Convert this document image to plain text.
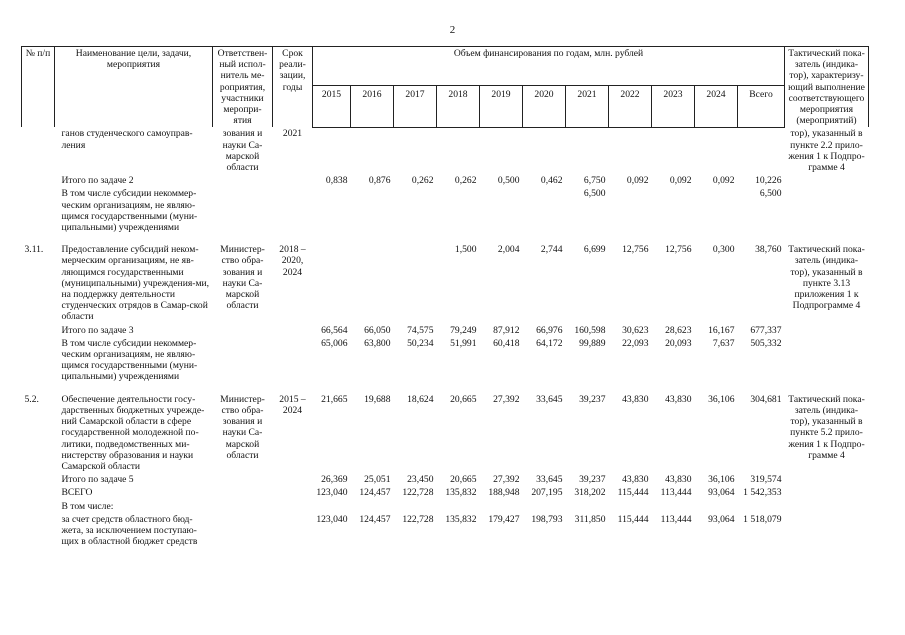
2
№ п/п	Наименование цели, задачи, мероприятия	Ответствен-ный испол-нитель ме-роприятия, участники меропри-ятия	Срок реали-зации, годы	Объем финансирования по годам, млн. рублей											Тактический пока-затель (индика-тор), характеризу-ющий выполнение соответствующего мероприятия (мероприятий)
				2015	2016	2017	2018	2019	2020	2021	2022	2023	2024	Всего	
	ганов студенческого самоуправ-ления	зования и науки Са-марской области	2021												тор), указанный в пункте 2.2 прило-жения 1 к Подпро-грамме 4
	Итого по задаче 2			0,838	0,876	0,262	0,262	0,500	0,462	6,750	0,092	0,092	0,092	10,226	
	В том числе субсидии некоммер-ческим организациям, не являю-щимся государственными (муни-ципальными) учреждениями									6,500				6,500	
3.11.	Предоставление субсидий неком-мерческим организациям, не яв-ляющимся государственными (муниципальными) учреждения-ми, на поддержку деятельности студенческих отрядов в Самар-ской области	Министер-ство обра-зования и науки Са-марской области	2018 – 2020, 2024				1,500	2,004	2,744	6,699	12,756	12,756	0,300	38,760	Тактический пока-затель (индика-тор), указанный в пункте 3.13 приложения 1 к Подпрограмме 4
	Итого по задаче 3			66,564	66,050	74,575	79,249	87,912	66,976	160,598	30,623	28,623	16,167	677,337	
	В том числе субсидии некоммер-ческим организациям, не являю-щимся государственными (муни-ципальными) учреждениями			65,006	63,800	50,234	51,991	60,418	64,172	99,889	22,093	20,093	7,637	505,332	
5.2.	Обеспечение деятельности госу-дарственных бюджетных учрежде-ний Самарской области в сфере государственной молодежной по-литики, подведомственных ми-нистерству образования и науки Самарской области	Министер-ство обра-зования и науки Са-марской области	2015 – 2024	21,665	19,688	18,624	20,665	27,392	33,645	39,237	43,830	43,830	36,106	304,681	Тактический пока-затель (индика-тор), указанный в пункте 5.2 прило-жения 1 к Подпро-грамме 4
	Итого по задаче 5			26,369	25,051	23,450	20,665	27,392	33,645	39,237	43,830	43,830	36,106	319,574	
	ВСЕГО			123,040	124,457	122,728	135,832	188,948	207,195	318,202	115,444	113,444	93,064	1 542,353	
	В том числе:														
	за счет средств областного бюд-жета, за исключением поступаю-щих в областной бюджет средств			123,040	124,457	122,728	135,832	179,427	198,793	311,850	115,444	113,444	93,064	1 518,079	
